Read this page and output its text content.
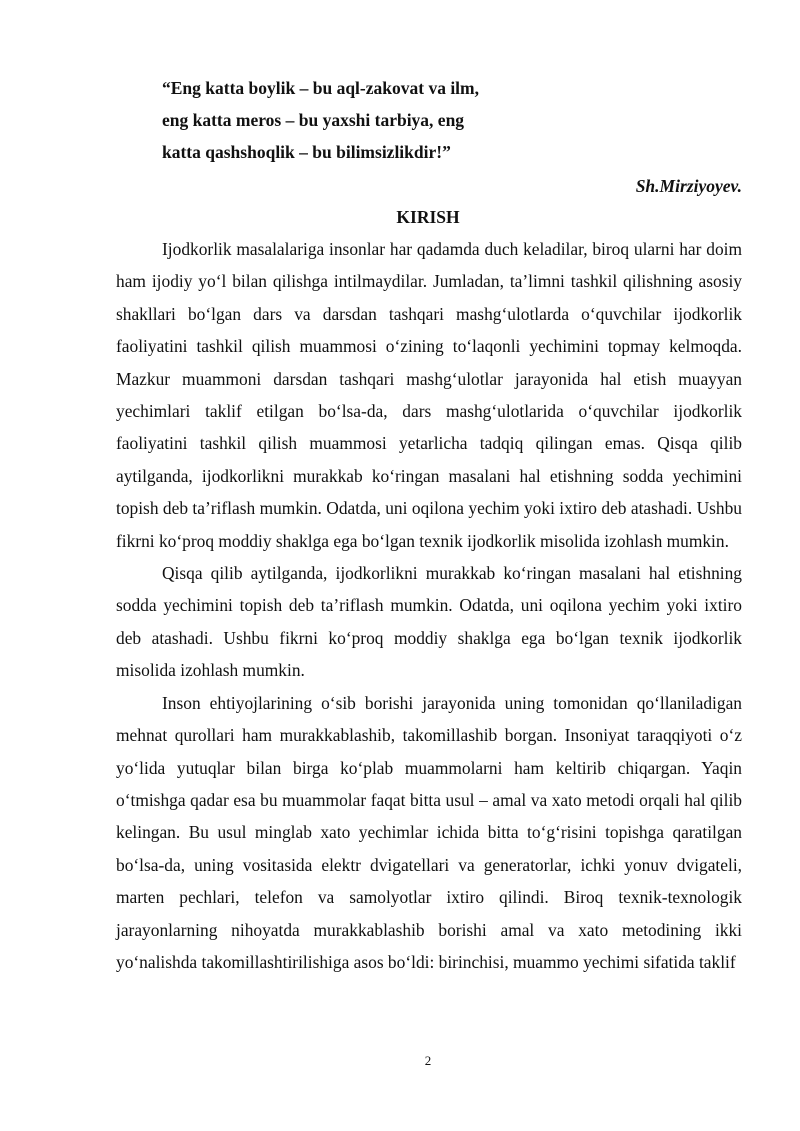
“Eng katta boylik – bu aql-zakovat va ilm,
eng katta meros – bu yaxshi tarbiya, eng
katta qashshoqlik – bu bilimsizlikdir!”
Sh.Mirziyoyev.
KIRISH

Ijodkorlik masalalariga insonlar har qadamda duch keladilar, biroq ularni har doim ham ijodiy yo‘l bilan qilishga intilmaydilar. Jumladan, ta’limni tashkil qilishning asosiy shakllari bo‘lgan dars va darsdan tashqari mashg‘ulotlarda o‘quvchilar ijodkorlik faoliyatini tashkil qilish muammosi o‘zining to‘laqonli yechimini topmay kelmoqda. Mazkur muammoni darsdan tashqari mashg‘ulotlar jarayonida hal etish muayyan yechimlari taklif etilgan bo‘lsa-da, dars mashg‘ulotlarida o‘quvchilar ijodkorlik faoliyatini tashkil qilish muammosi yetarlicha tadqiq qilingan emas. Qisqa qilib aytilganda, ijodkorlikni murakkab ko‘ringan masalani hal etishning sodda yechimini topish deb ta’riflash mumkin. Odatda, uni oqilona yechim yoki ixtiro deb atashadi. Ushbu fikrni ko‘proq moddiy shaklga ega bo‘lgan texnik ijodkorlik misolida izohlash mumkin.

Qisqa qilib aytilganda, ijodkorlikni murakkab ko‘ringan masalani hal etishning sodda yechimini topish deb ta’riflash mumkin. Odatda, uni oqilona yechim yoki ixtiro deb atashadi. Ushbu fikrni ko‘proq moddiy shaklga ega bo‘lgan texnik ijodkorlik misolida izohlash mumkin.

Inson ehtiyojlarining o‘sib borishi jarayonida uning tomonidan qo‘llaniladigan mehnat qurollari ham murakkablashib, takomillashib borgan. Insoniyat taraqqiyoti o‘z yo‘lida yutuqlar bilan birga ko‘plab muammolarni ham keltirib chiqargan. Yaqin o‘tmishga qadar esa bu muammolar faqat bitta usul – amal va xato metodi orqali hal qilib kelingan. Bu usul minglab xato yechimlar ichida bitta to‘g‘risini topishga qaratilgan bo‘lsa-da, uning vositasida elektr dvigatellari va generatorlar, ichki yonuv dvigateli, marten pechlari, telefon va samolyotlar ixtiro qilindi. Biroq texnik-texnologik jarayonlarning nihoyatda murakkablashib borishi amal va xato metodining ikki yo‘nalishda takomillashtirilishiga asos bo‘ldi: birinchisi, muammo yechimi sifatida taklif

2
